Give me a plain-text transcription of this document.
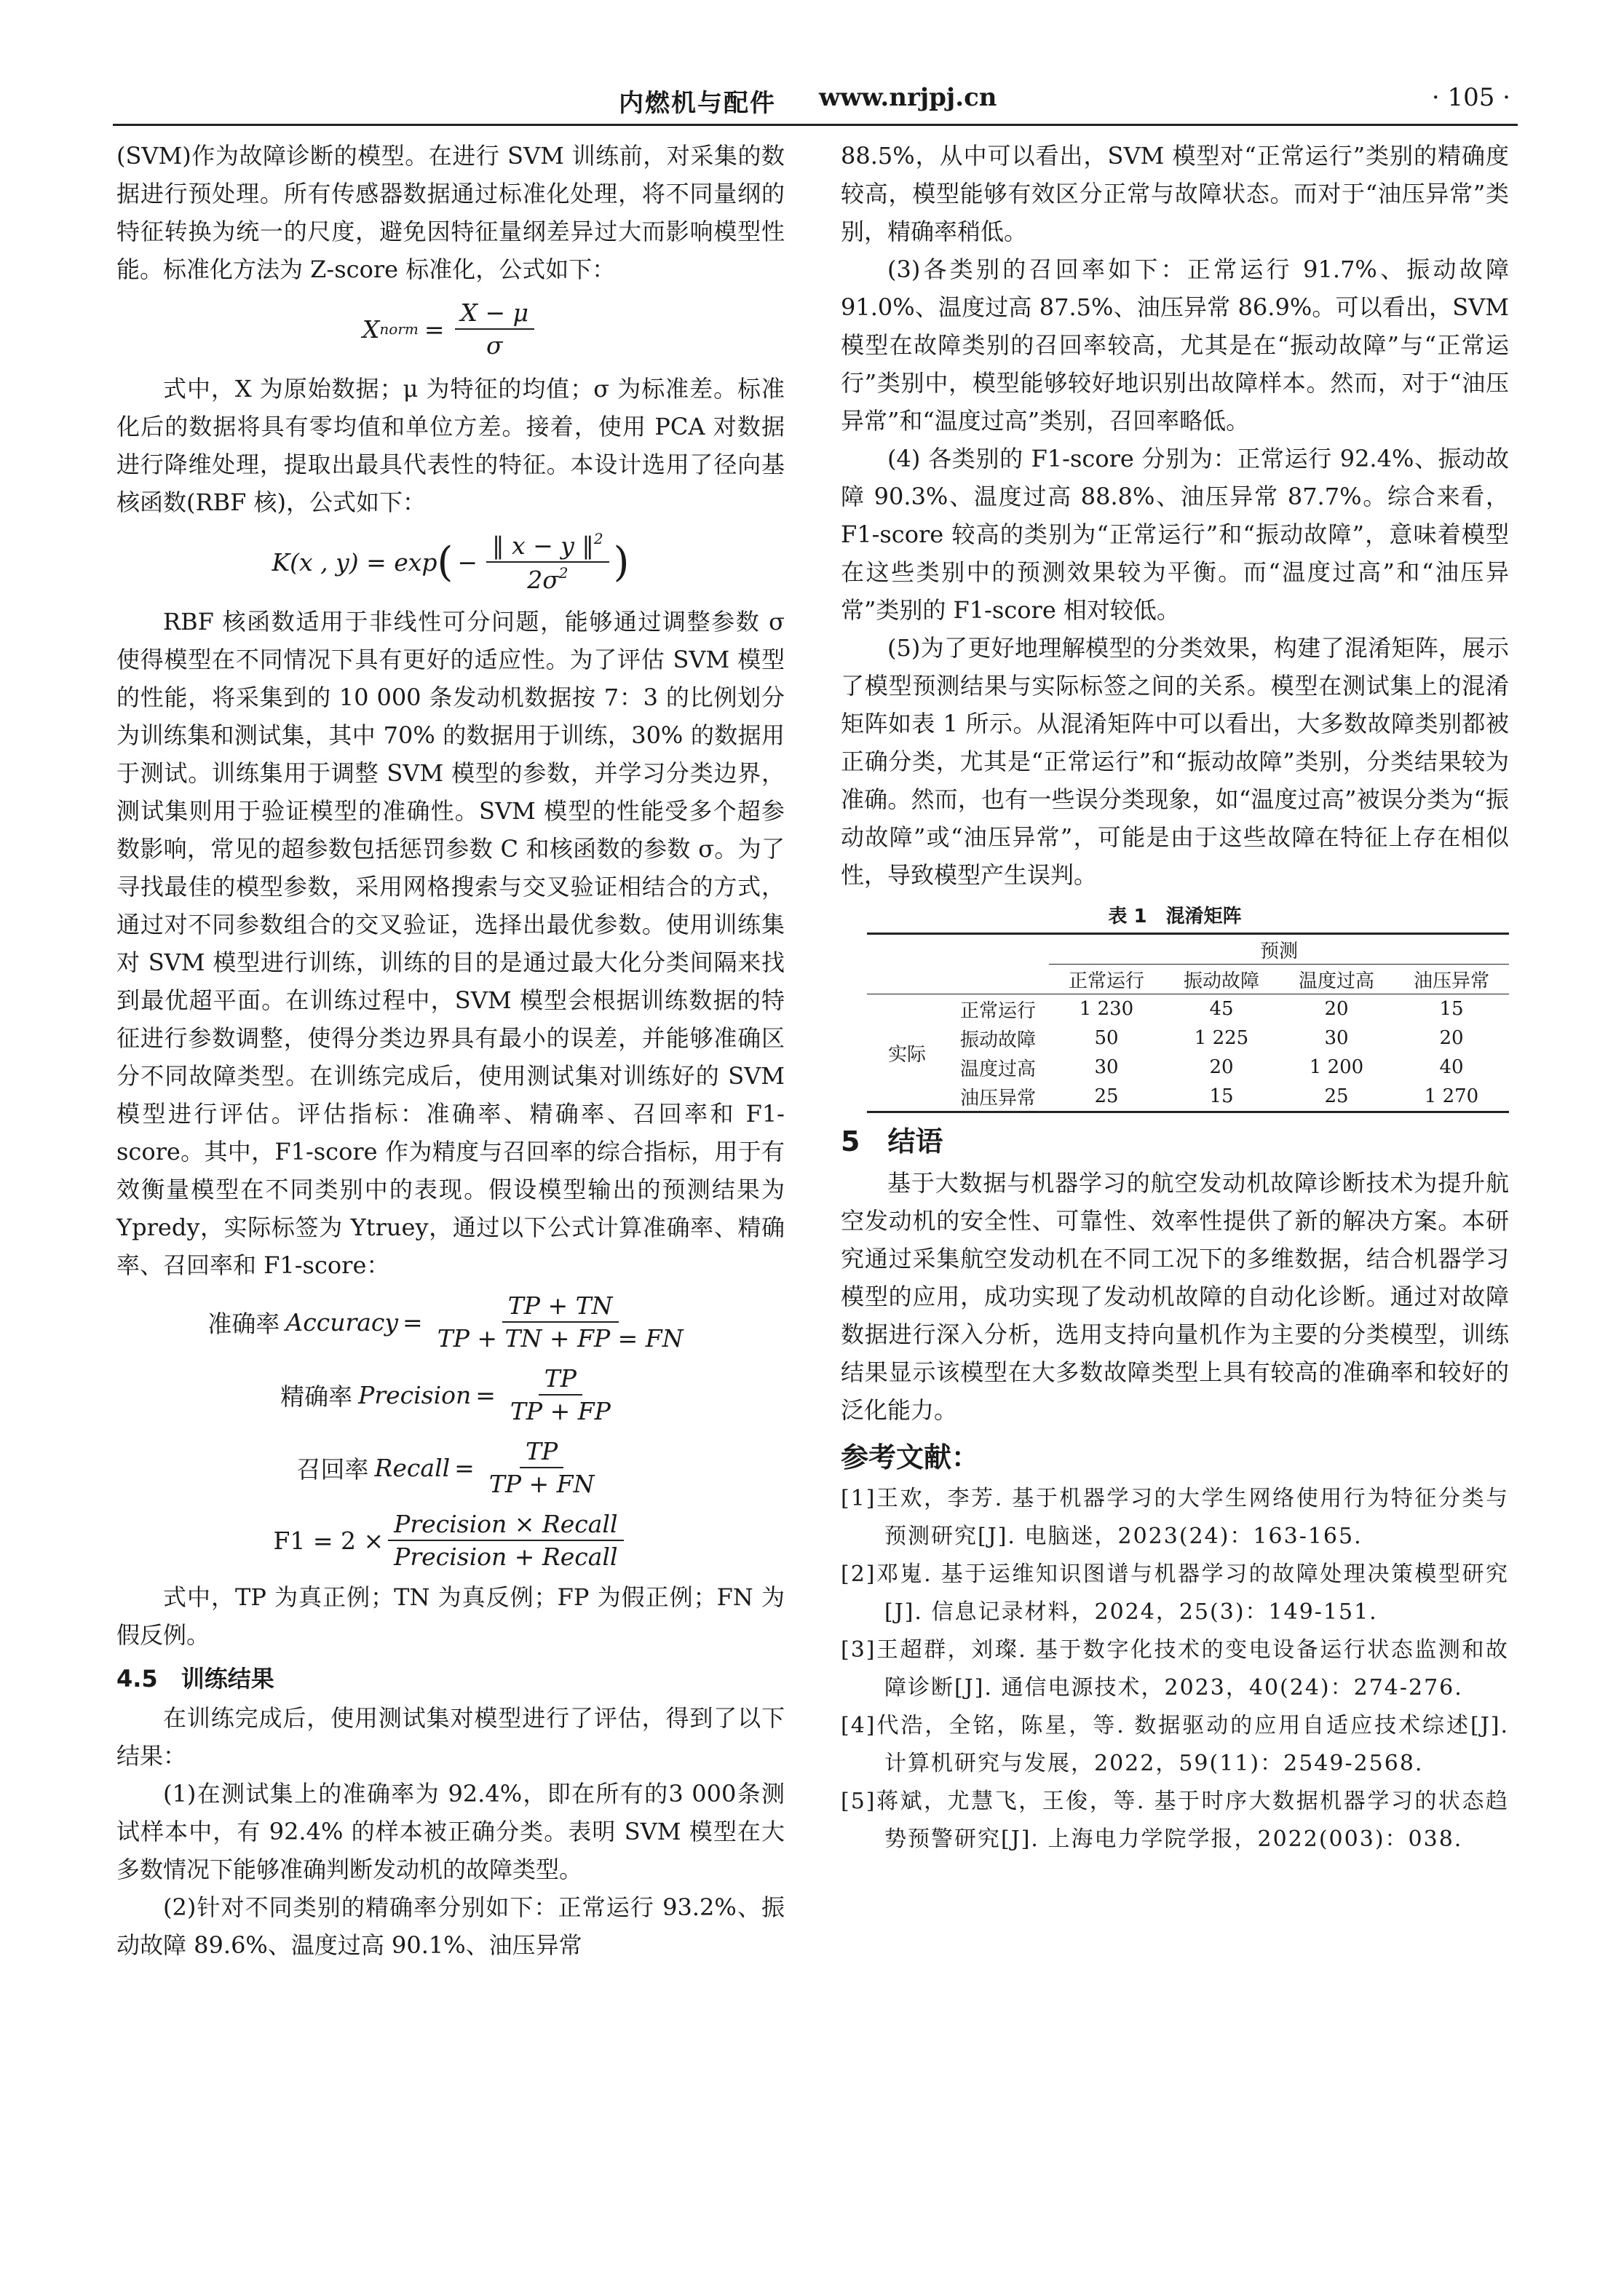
内燃机与配件 www.nrjpj.cn	· 105 ·

(SVM)作为故障诊断的模型。在进行 SVM 训练前，对采集的数据进行预处理。所有传感器数据通过标准化处理，将不同量纲的特征转换为统一的尺度，避免因特征量纲差异过大而影响模型性能。标准化方法为 Z-score 标准化，公式如下：

X norm = $\frac{X - \mu}{\sigma}$

式中，X 为原始数据；μ 为特征的均值；σ 为标准差。标准化后的数据将具有零均值和单位方差。接着，使用 PCA 对数据进行降维处理，提取出最具代表性的特征。本设计选用了径向基核函数(RBF 核)，公式如下：

K(x , y) = exp ( − $\frac{‖ x - y ‖^2}{2\sigma^2}$ )

RBF 核函数适用于非线性可分问题，能够通过调整参数 σ 使得模型在不同情况下具有更好的适应性。为了评估 SVM 模型的性能，将采集到的 10 000 条发动机数据按 7：3 的比例划分为训练集和测试集，其中 70% 的数据用于训练，30% 的数据用于测试。训练集用于调整 SVM 模型的参数，并学习分类边界，测试集则用于验证模型的准确性。SVM 模型的性能受多个超参数影响，常见的超参数包括惩罚参数 C 和核函数的参数 σ。为了寻找最佳的模型参数，采用网格搜索与交叉验证相结合的方式，通过对不同参数组合的交叉验证，选择出最优参数。使用训练集对 SVM 模型进行训练，训练的目的是通过最大化分类间隔来找到最优超平面。在训练过程中，SVM 模型会根据训练数据的特征进行参数调整，使得分类边界具有最小的误差，并能够准确区分不同故障类型。在训练完成后，使用测试集对训练好的 SVM 模型进行评估。评估指标：准确率、精确率、召回率和 F1-score。其中，F1-score 作为精度与召回率的综合指标，用于有效衡量模型在不同类别中的表现。假设模型输出的预测结果为 Ypredy，实际标签为 Ytruey，通过以下公式计算准确率、精确率、召回率和 F1-score：

准确率 Accuracy = $\frac{TP + TN}{TP + TN + FP = FN}$
精确率 Precision = $\frac{TP}{TP + FP}$
召回率 Recall = $\frac{TP}{TP + FN}$
$F1 = 2 \times \frac{\text{Precision × Recall}}{\text{Precision + Recall}}$

式中，TP 为真正例；TN 为真反例；FP 为假正例；FN 为假反例。

4.5　训练结果

在训练完成后，使用测试集对模型进行了评估，得到了以下结果：

(1)在测试集上的准确率为 92.4%，即在所有的3 000条测试样本中，有 92.4% 的样本被正确分类。表明 SVM 模型在大多数情况下能够准确判断发动机的故障类型。

(2)针对不同类别的精确率分别如下：正常运行 93.2%、振动故障 89.6%、温度过高 90.1%、油压异常

88.5%，从中可以看出，SVM 模型对“正常运行”类别的精确度较高，模型能够有效区分正常与故障状态。而对于“油压异常”类别，精确率稍低。

(3)各类别的召回率如下：正常运行 91.7%、振动故障 91.0%、温度过高 87.5%、油压异常 86.9%。可以看出，SVM 模型在故障类别的召回率较高，尤其是在“振动故障”与“正常运行”类别中，模型能够较好地识别出故障样本。然而，对于“油压异常”和“温度过高”类别，召回率略低。

(4) 各类别的 F1-score 分别为：正常运行 92.4%、振动故障 90.3%、温度过高 88.8%、油压异常 87.7%。综合来看，F1-score 较高的类别为“正常运行”和“振动故障”，意味着模型在这些类别中的预测效果较为平衡。而“温度过高”和“油压异常”类别的 F1-score 相对较低。

(5)为了更好地理解模型的分类效果，构建了混淆矩阵，展示了模型预测结果与实际标签之间的关系。模型在测试集上的混淆矩阵如表 1 所示。从混淆矩阵中可以看出，大多数故障类别都被正确分类，尤其是“正常运行”和“振动故障”类别，分类结果较为准确。然而，也有一些误分类现象，如“温度过高”被误分类为“振动故障”或“油压异常”，可能是由于这些故障在特征上存在相似性，导致模型产生误判。

表 1　混淆矩阵
		预测			
		正常运行	振动故障	温度过高	油压异常
实际	正常运行	1 230	45	20	15
	振动故障	50	1 225	30	20
	温度过高	30	20	1 200	40
	油压异常	25	15	25	1 270
5　结语

基于大数据与机器学习的航空发动机故障诊断技术为提升航空发动机的安全性、可靠性、效率性提供了新的解决方案。本研究通过采集航空发动机在不同工况下的多维数据，结合机器学习模型的应用，成功实现了发动机故障的自动化诊断。通过对故障数据进行深入分析，选用支持向量机作为主要的分类模型，训练结果显示该模型在大多数故障类型上具有较高的准确率和较好的泛化能力。

参考文献：
[1]王欢，李芳. 基于机器学习的大学生网络使用行为特征分类与预测研究[J]. 电脑迷，2023(24)：163-165.
[2]邓嵬. 基于运维知识图谱与机器学习的故障处理决策模型研究[J]. 信息记录材料，2024，25(3)：149-151.
[3]王超群，刘璨. 基于数字化技术的变电设备运行状态监测和故障诊断[J]. 通信电源技术，2023，40(24)：274-276.
[4]代浩，全铭，陈星，等. 数据驱动的应用自适应技术综述[J]. 计算机研究与发展，2022，59(11)：2549-2568.
[5]蒋斌，尤慧飞，王俊，等. 基于时序大数据机器学习的状态趋势预警研究[J]. 上海电力学院学报，2022(003)：038.
